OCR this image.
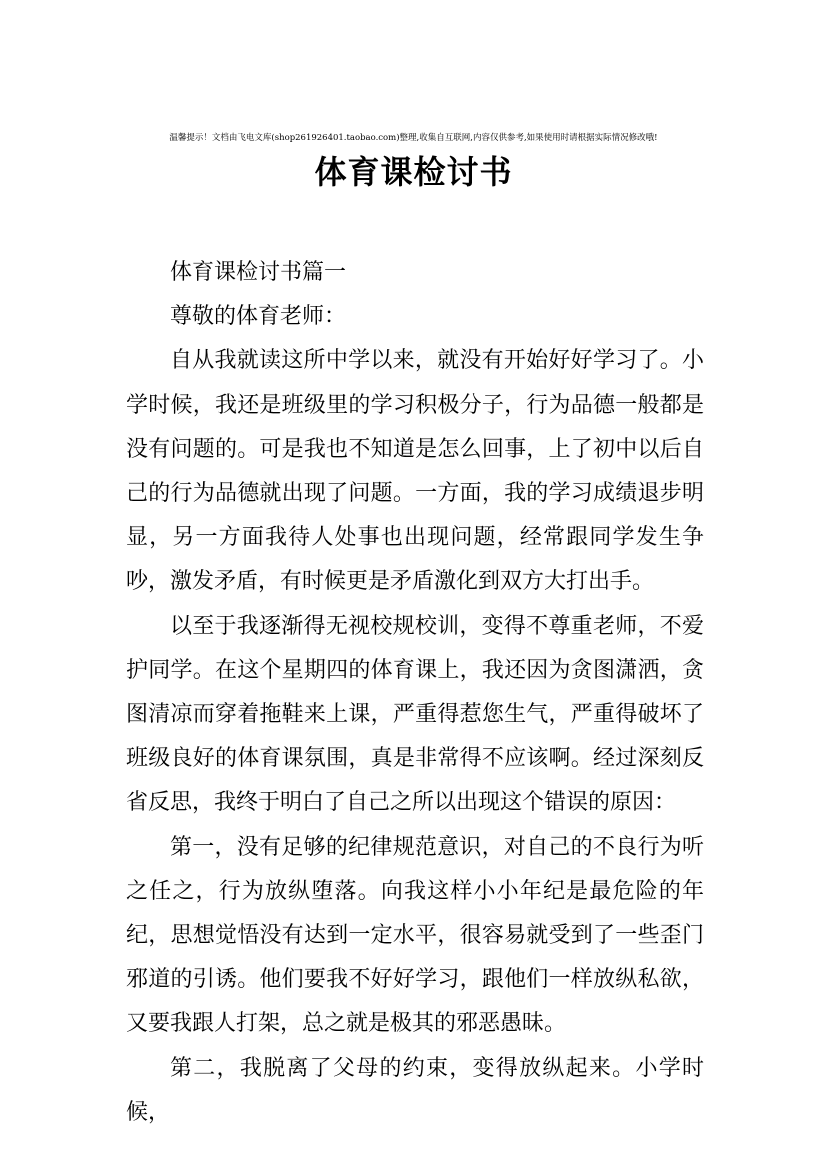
温馨提示！文档由飞电文库(shop261926401.taobao.com)整理,收集自互联网,内容仅供参考,如果使用时请根据实际情况修改哦!
体育课检讨书

体育课检讨书篇一

尊敬的体育老师：

自从我就读这所中学以来，就没有开始好好学习了。小学时候，我还是班级里的学习积极分子，行为品德一般都是没有问题的。可是我也不知道是怎么回事，上了初中以后自己的行为品德就出现了问题。一方面，我的学习成绩退步明显，另一方面我待人处事也出现问题，经常跟同学发生争吵，激发矛盾，有时候更是矛盾激化到双方大打出手。

以至于我逐渐得无视校规校训，变得不尊重老师，不爱护同学。在这个星期四的体育课上，我还因为贪图潇洒，贪图清凉而穿着拖鞋来上课，严重得惹您生气，严重得破坏了班级良好的体育课氛围，真是非常得不应该啊。经过深刻反省反思，我终于明白了自己之所以出现这个错误的原因：

第一，没有足够的纪律规范意识，对自己的不良行为听之任之，行为放纵堕落。向我这样小小年纪是最危险的年纪，思想觉悟没有达到一定水平，很容易就受到了一些歪门邪道的引诱。他们要我不好好学习，跟他们一样放纵私欲，又要我跟人打架，总之就是极其的邪恶愚昧。

第二，我脱离了父母的约束，变得放纵起来。小学时候，
